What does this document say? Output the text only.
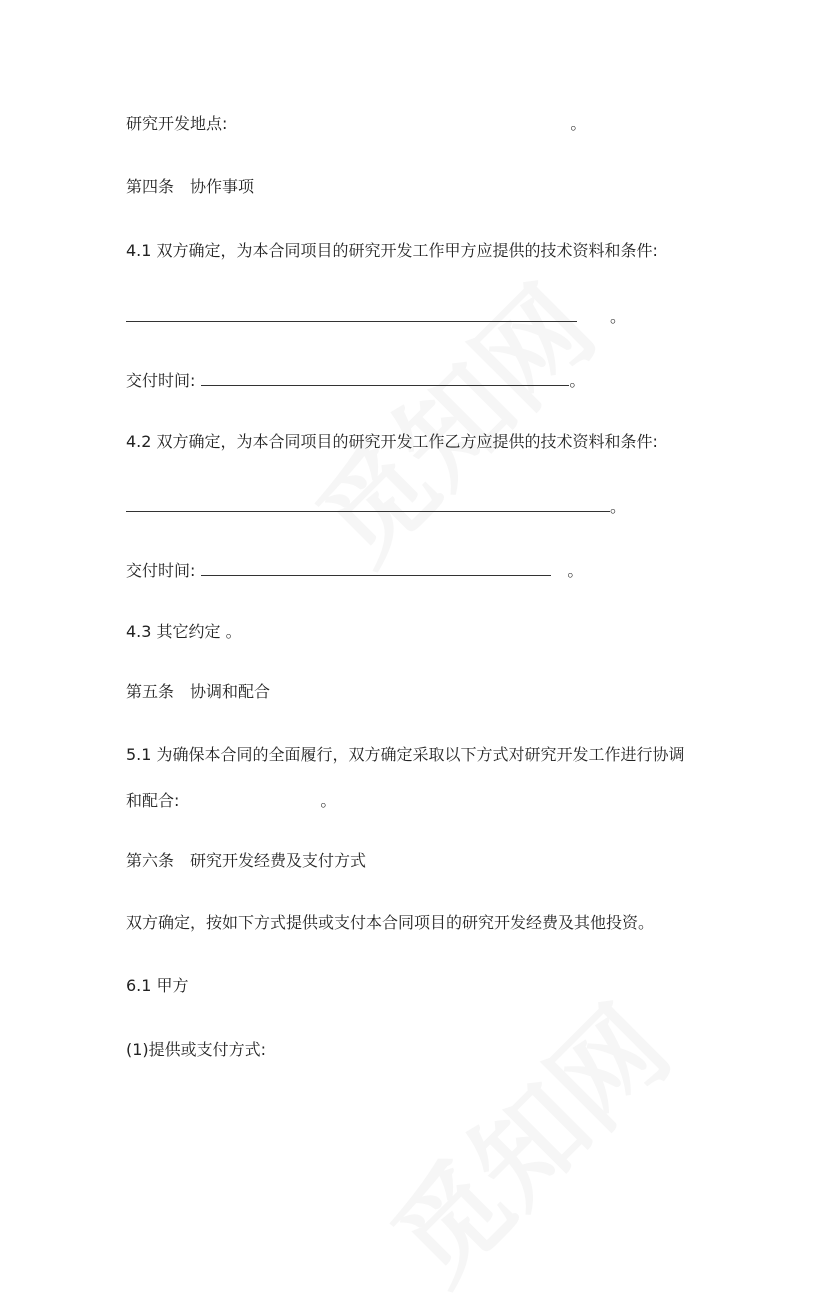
研究开发地点:	。
第四条　协作事项
4.1 双方确定，为本合同项目的研究开发工作甲方应提供的技术资料和条件:
。
交付时间:	。
4.2 双方确定，为本合同项目的研究开发工作乙方应提供的技术资料和条件:
。
交付时间:	。
4.3 其它约定 。
第五条　协调和配合
5.1 为确保本合同的全面履行，双方确定采取以下方式对研究开发工作进行协调
和配合:	。
第六条　研究开发经费及支付方式
双方确定，按如下方式提供或支付本合同项目的研究开发经费及其他投资。
6.1 甲方
(1)提供或支付方式:
